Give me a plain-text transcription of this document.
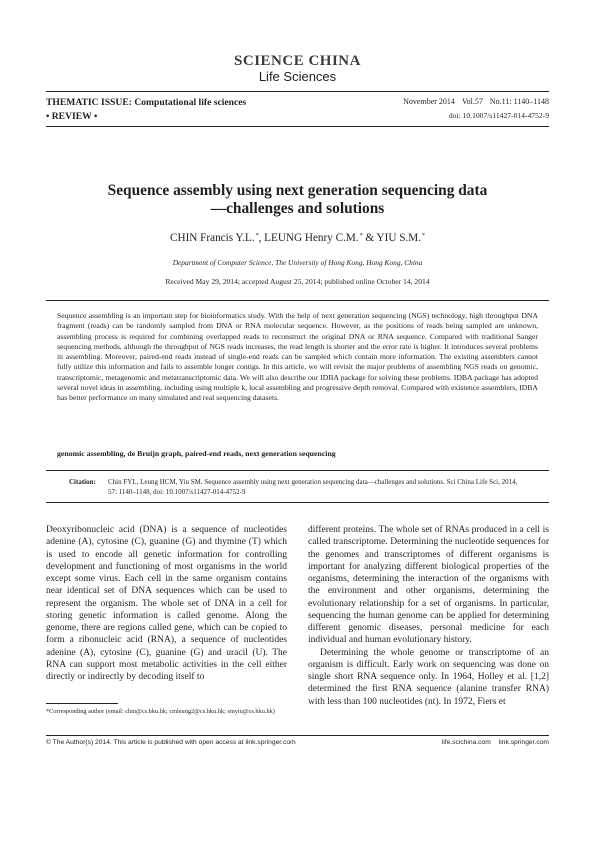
SCIENCE CHINA
Life Sciences
THEMATIC ISSUE: Computational life sciences
• REVIEW •
November 2014 Vol.57 No.11: 1140–1148
doi: 10.1007/s11427-014-4752-9
Sequence assembly using next generation sequencing data
—challenges and solutions
CHIN Francis Y.L.*, LEUNG Henry C.M.* & YIU S.M.*
Department of Computer Science, The University of Hong Kong, Hong Kong, China
Received May 29, 2014; accepted August 25, 2014; published online October 14, 2014
Sequence assembling is an important step for bioinformatics study. With the help of next generation sequencing (NGS) technology, high throughput DNA fragment (reads) can be randomly sampled from DNA or RNA molecular sequence. However, as the positions of reads being sampled are unknown, assembling process is required for combining overlapped reads to reconstruct the original DNA or RNA sequence. Compared with traditional Sanger sequencing methods, although the throughput of NGS reads increases, the read length is shorter and the error rate is higher. It introduces several problems in assembling. Moreover, paired-end reads instead of single-end reads can be sampled which contain more information. The existing assemblers cannot fully utilize this information and fails to assemble longer contigs. In this article, we will revisit the major problems of assembling NGS reads on genomic, transcriptomic, metagenomic and metatranscriptomic data. We will also describe our IDBA package for solving these problems. IDBA package has adopted several novel ideas in assembling, including using multiple k, local assembling and progressive depth removal. Compared with existence assemblers, IDBA has better performance on many simulated and real sequencing datasets.
genomic assembling, de Bruijn graph, paired-end reads, next generation sequencing
Citation: Chin FYL, Leung HCM, Yiu SM. Sequence assembly using next generation sequencing data—challenges and solutions. Sci China Life Sci, 2014, 57: 1140–1148, doi: 10.1007/s11427-014-4752-9

Deoxyribonucleic acid (DNA) is a sequence of nucleotides adenine (A), cytosine (C), guanine (G) and thymine (T) which is used to encode all genetic information for controlling development and functioning of most organisms in the world except some virus. Each cell in the same organism contains near identical set of DNA sequences which can be used to represent the organism. The whole set of DNA in a cell for storing genetic information is called genome. Along the genome, there are regions called gene, which can be copied to form a ribonucleic acid (RNA), a sequence of nucleotides adenine (A), cytosine (C), guanine (G) and uracil (U). The RNA can support most metabolic activities in the cell either directly or indirectly by decoding itself to

different proteins. The whole set of RNAs produced in a cell is called transcriptome. Determining the nucleotide sequences for the genomes and transcriptomes of different organisms is important for analyzing different biological properties of the organisms, determining the interaction of the organisms with the environment and other organisms, determining the evolutionary relationship for a set of organisms. In particular, sequencing the human genome can be applied for determining different genomic diseases, personal medicine for each individual and human evolutionary history.

Determining the whole genome or transcriptome of an organism is difficult. Early work on sequencing was done on single short RNA sequence only. In 1964, Holley et al. [1,2] determined the first RNA sequence (alanine transfer RNA) with less than 100 nucleotides (nt). In 1972, Fiers et

*Corresponding author (email: chin@cs.hku.hk; cmleung2@cs.hku.hk; smyiu@cs.hku.hk)
© The Author(s) 2014. This article is published with open access at link.springer.com	life.scichina.com link.springer.com
